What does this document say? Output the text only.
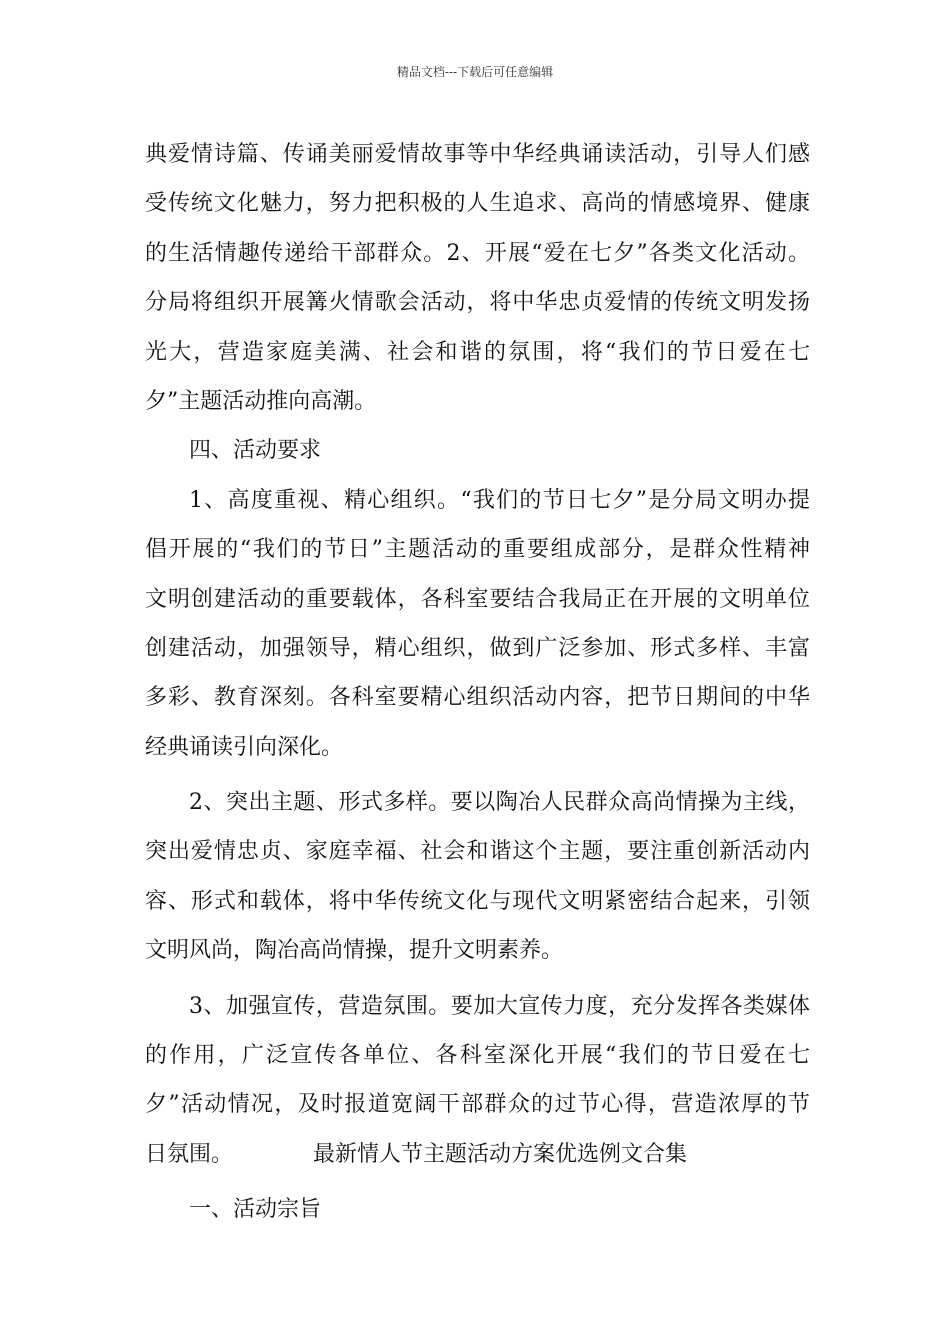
精品文档---下载后可任意编辑
典爱情诗篇、传诵美丽爱情故事等中华经典诵读活动，引导人们感
受传统文化魅力，努力把积极的人生追求、高尚的情感境界、健康
的生活情趣传递给干部群众。2、开展“爱在七夕”各类文化活动。
分局将组织开展篝火情歌会活动，将中华忠贞爱情的传统文明发扬
光大，营造家庭美满、社会和谐的氛围，将“我们的节日爱在七
夕”主题活动推向高潮。
四、活动要求
1、高度重视、精心组织。“我们的节日七夕”是分局文明办提
倡开展的“我们的节日”主题活动的重要组成部分，是群众性精神
文明创建活动的重要载体，各科室要结合我局正在开展的文明单位
创建活动，加强领导，精心组织，做到广泛参加、形式多样、丰富
多彩、教育深刻。各科室要精心组织活动内容，把节日期间的中华
经典诵读引向深化。
2、突出主题、形式多样。要以陶冶人民群众高尚情操为主线，
突出爱情忠贞、家庭幸福、社会和谐这个主题，要注重创新活动内
容、形式和载体，将中华传统文化与现代文明紧密结合起来，引领
文明风尚，陶冶高尚情操，提升文明素养。
3、加强宣传，营造氛围。要加大宣传力度，充分发挥各类媒体
的作用，广泛宣传各单位、各科室深化开展“我们的节日爱在七
夕”活动情况，及时报道宽阔干部群众的过节心得，营造浓厚的节
日氛围。	最新情人节主题活动方案优选例文合集
一、活动宗旨
